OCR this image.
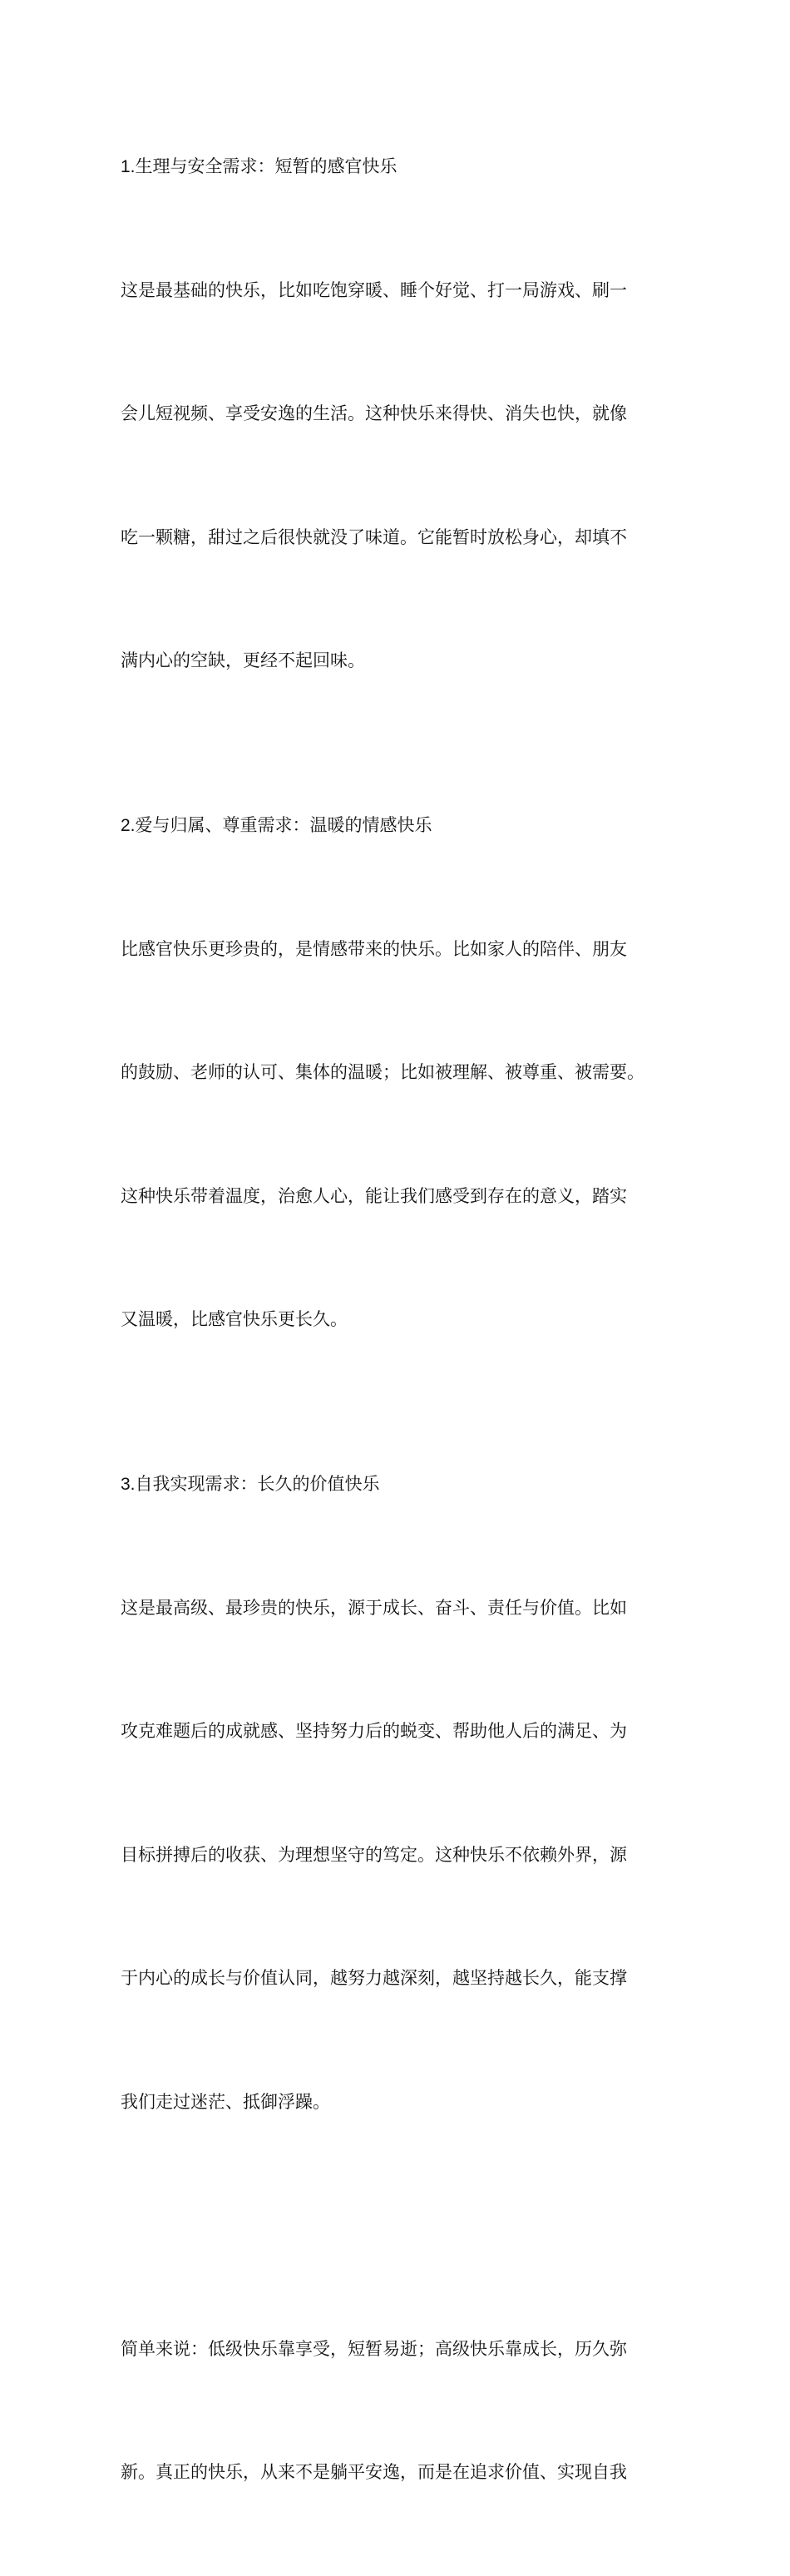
1.生理与安全需求：短暂的感官快乐

这是最基础的快乐，比如吃饱穿暖、睡个好觉、打一局游戏、刷一

会儿短视频、享受安逸的生活。这种快乐来得快、消失也快，就像

吃一颗糖，甜过之后很快就没了味道。它能暂时放松身心，却填不

满内心的空缺，更经不起回味。

2.爱与归属、尊重需求：温暖的情感快乐

比感官快乐更珍贵的，是情感带来的快乐。比如家人的陪伴、朋友

的鼓励、老师的认可、集体的温暖；比如被理解、被尊重、被需要。

这种快乐带着温度，治愈人心，能让我们感受到存在的意义，踏实

又温暖，比感官快乐更长久。

3.自我实现需求：长久的价值快乐

这是最高级、最珍贵的快乐，源于成长、奋斗、责任与价值。比如

攻克难题后的成就感、坚持努力后的蜕变、帮助他人后的满足、为

目标拼搏后的收获、为理想坚守的笃定。这种快乐不依赖外界，源

于内心的成长与价值认同，越努力越深刻，越坚持越长久，能支撑

我们走过迷茫、抵御浮躁。

简单来说：低级快乐靠享受，短暂易逝；高级快乐靠成长，历久弥

新。真正的快乐，从来不是躺平安逸，而是在追求价值、实现自我
